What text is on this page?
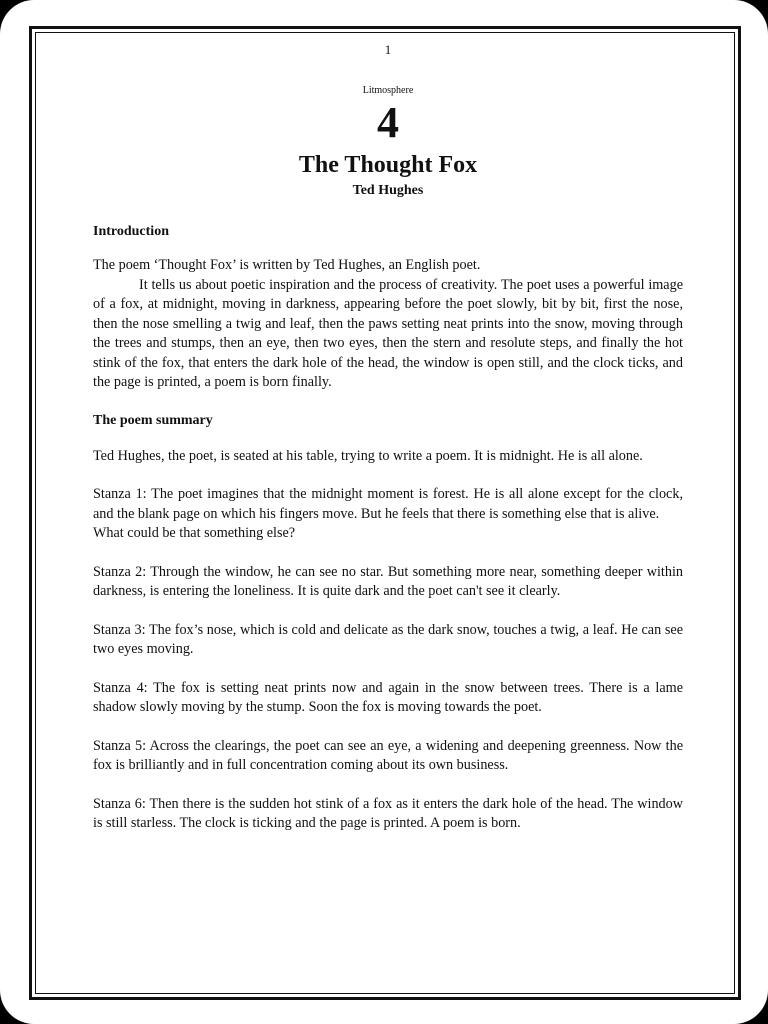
1

Litmosphere

4

The Thought Fox

Ted Hughes

Introduction

The poem ‘Thought Fox’ is written by Ted Hughes, an English poet.

It tells us about poetic inspiration and the process of creativity. The poet uses a powerful image of a fox, at midnight, moving in darkness, appearing before the poet slowly, bit by bit, first the nose, then the nose smelling a twig and leaf, then the paws setting neat prints into the snow, moving through the trees and stumps, then an eye, then two eyes, then the stern and resolute steps, and finally the hot stink of the fox, that enters the dark hole of the head, the window is open still, and the clock ticks, and the page is printed, a poem is born finally.

The poem summary

Ted Hughes, the poet, is seated at his table, trying to write a poem. It is midnight. He is all alone.

Stanza 1: The poet imagines that the midnight moment is forest. He is all alone except for the clock, and the blank page on which his fingers move. But he feels that there is something else that is alive.

What could be that something else?

Stanza 2: Through the window, he can see no star. But something more near, something deeper within darkness, is entering the loneliness. It is quite dark and the poet can't see it clearly.

Stanza 3: The fox’s nose, which is cold and delicate as the dark snow, touches a twig, a leaf. He can see two eyes moving.

Stanza 4: The fox is setting neat prints now and again in the snow between trees. There is a lame shadow slowly moving by the stump. Soon the fox is moving towards the poet.

Stanza 5: Across the clearings, the poet can see an eye, a widening and deepening greenness. Now the fox is brilliantly and in full concentration coming about its own business.

Stanza 6: Then there is the sudden hot stink of a fox as it enters the dark hole of the head. The window is still starless. The clock is ticking and the page is printed. A poem is born.
